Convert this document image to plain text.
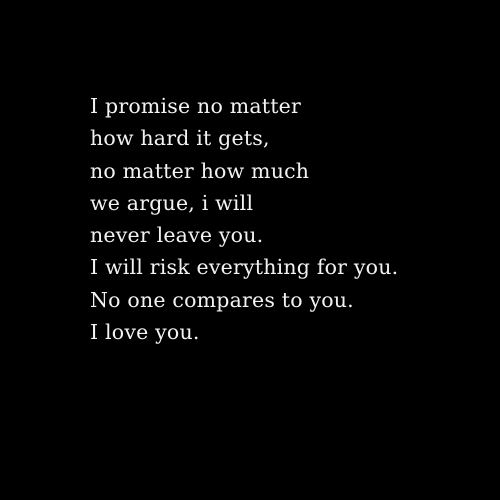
I promise no matter
how hard it gets,
no matter how much
we argue, i will
never leave you.
I will risk everything for you.
No one compares to you.
I love you.
